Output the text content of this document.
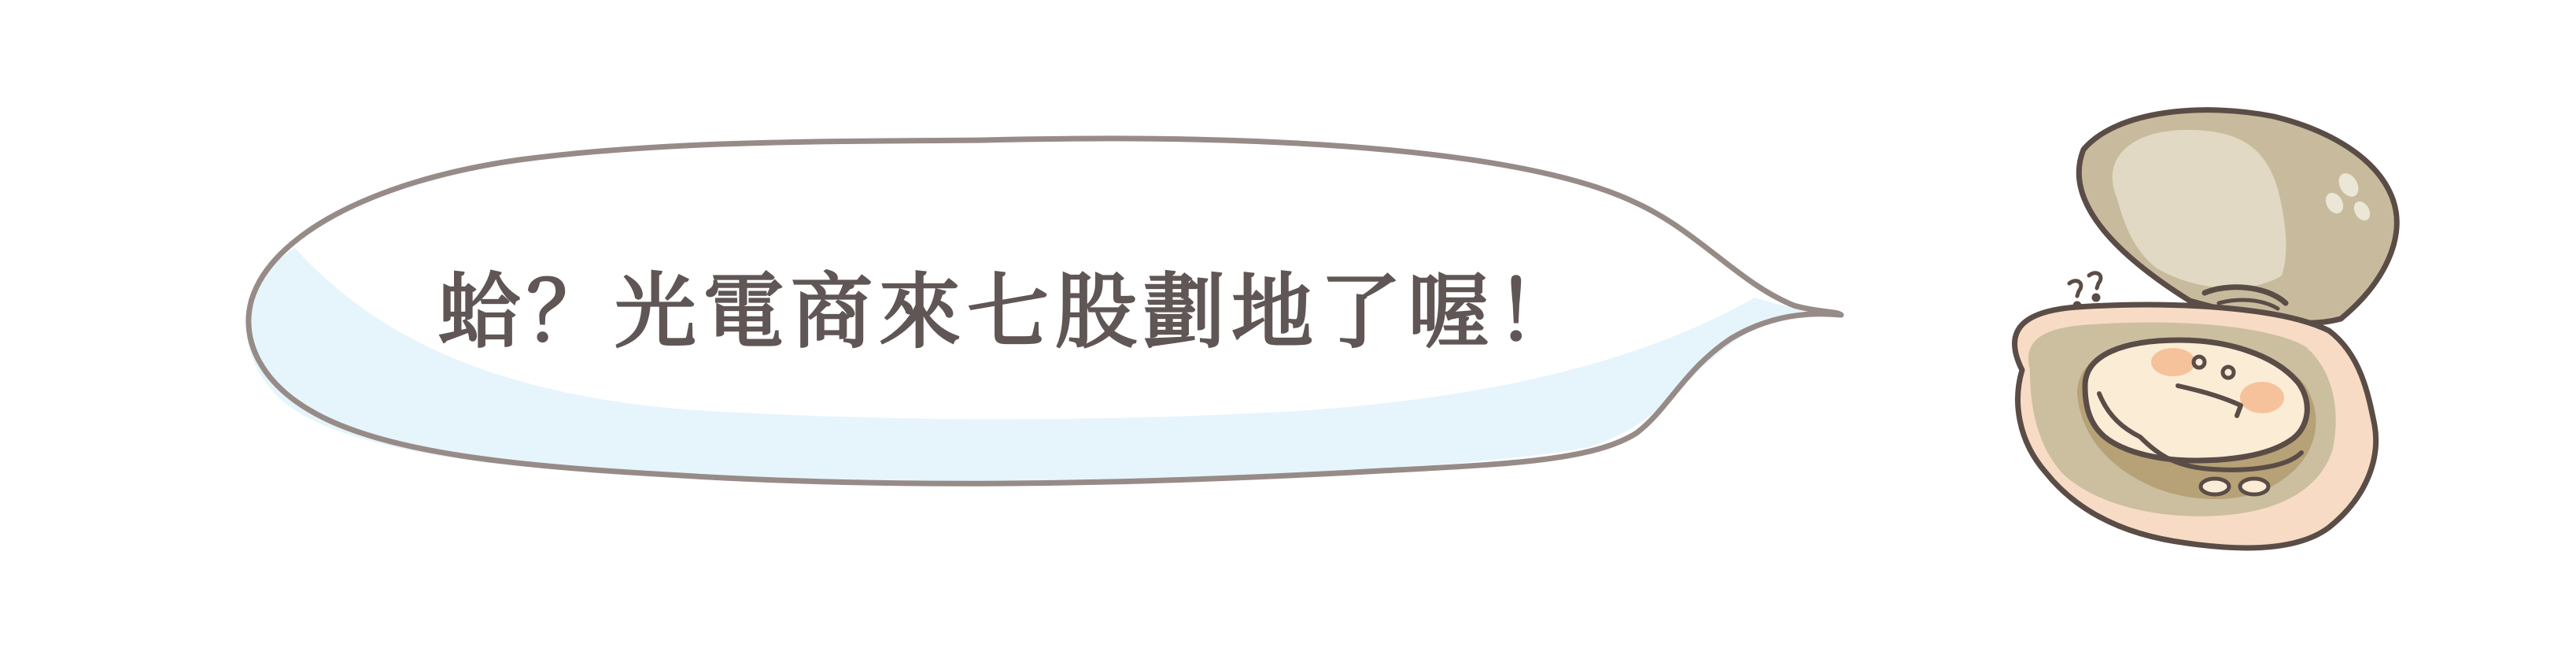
蛤？光電商來七股劃地了喔！
